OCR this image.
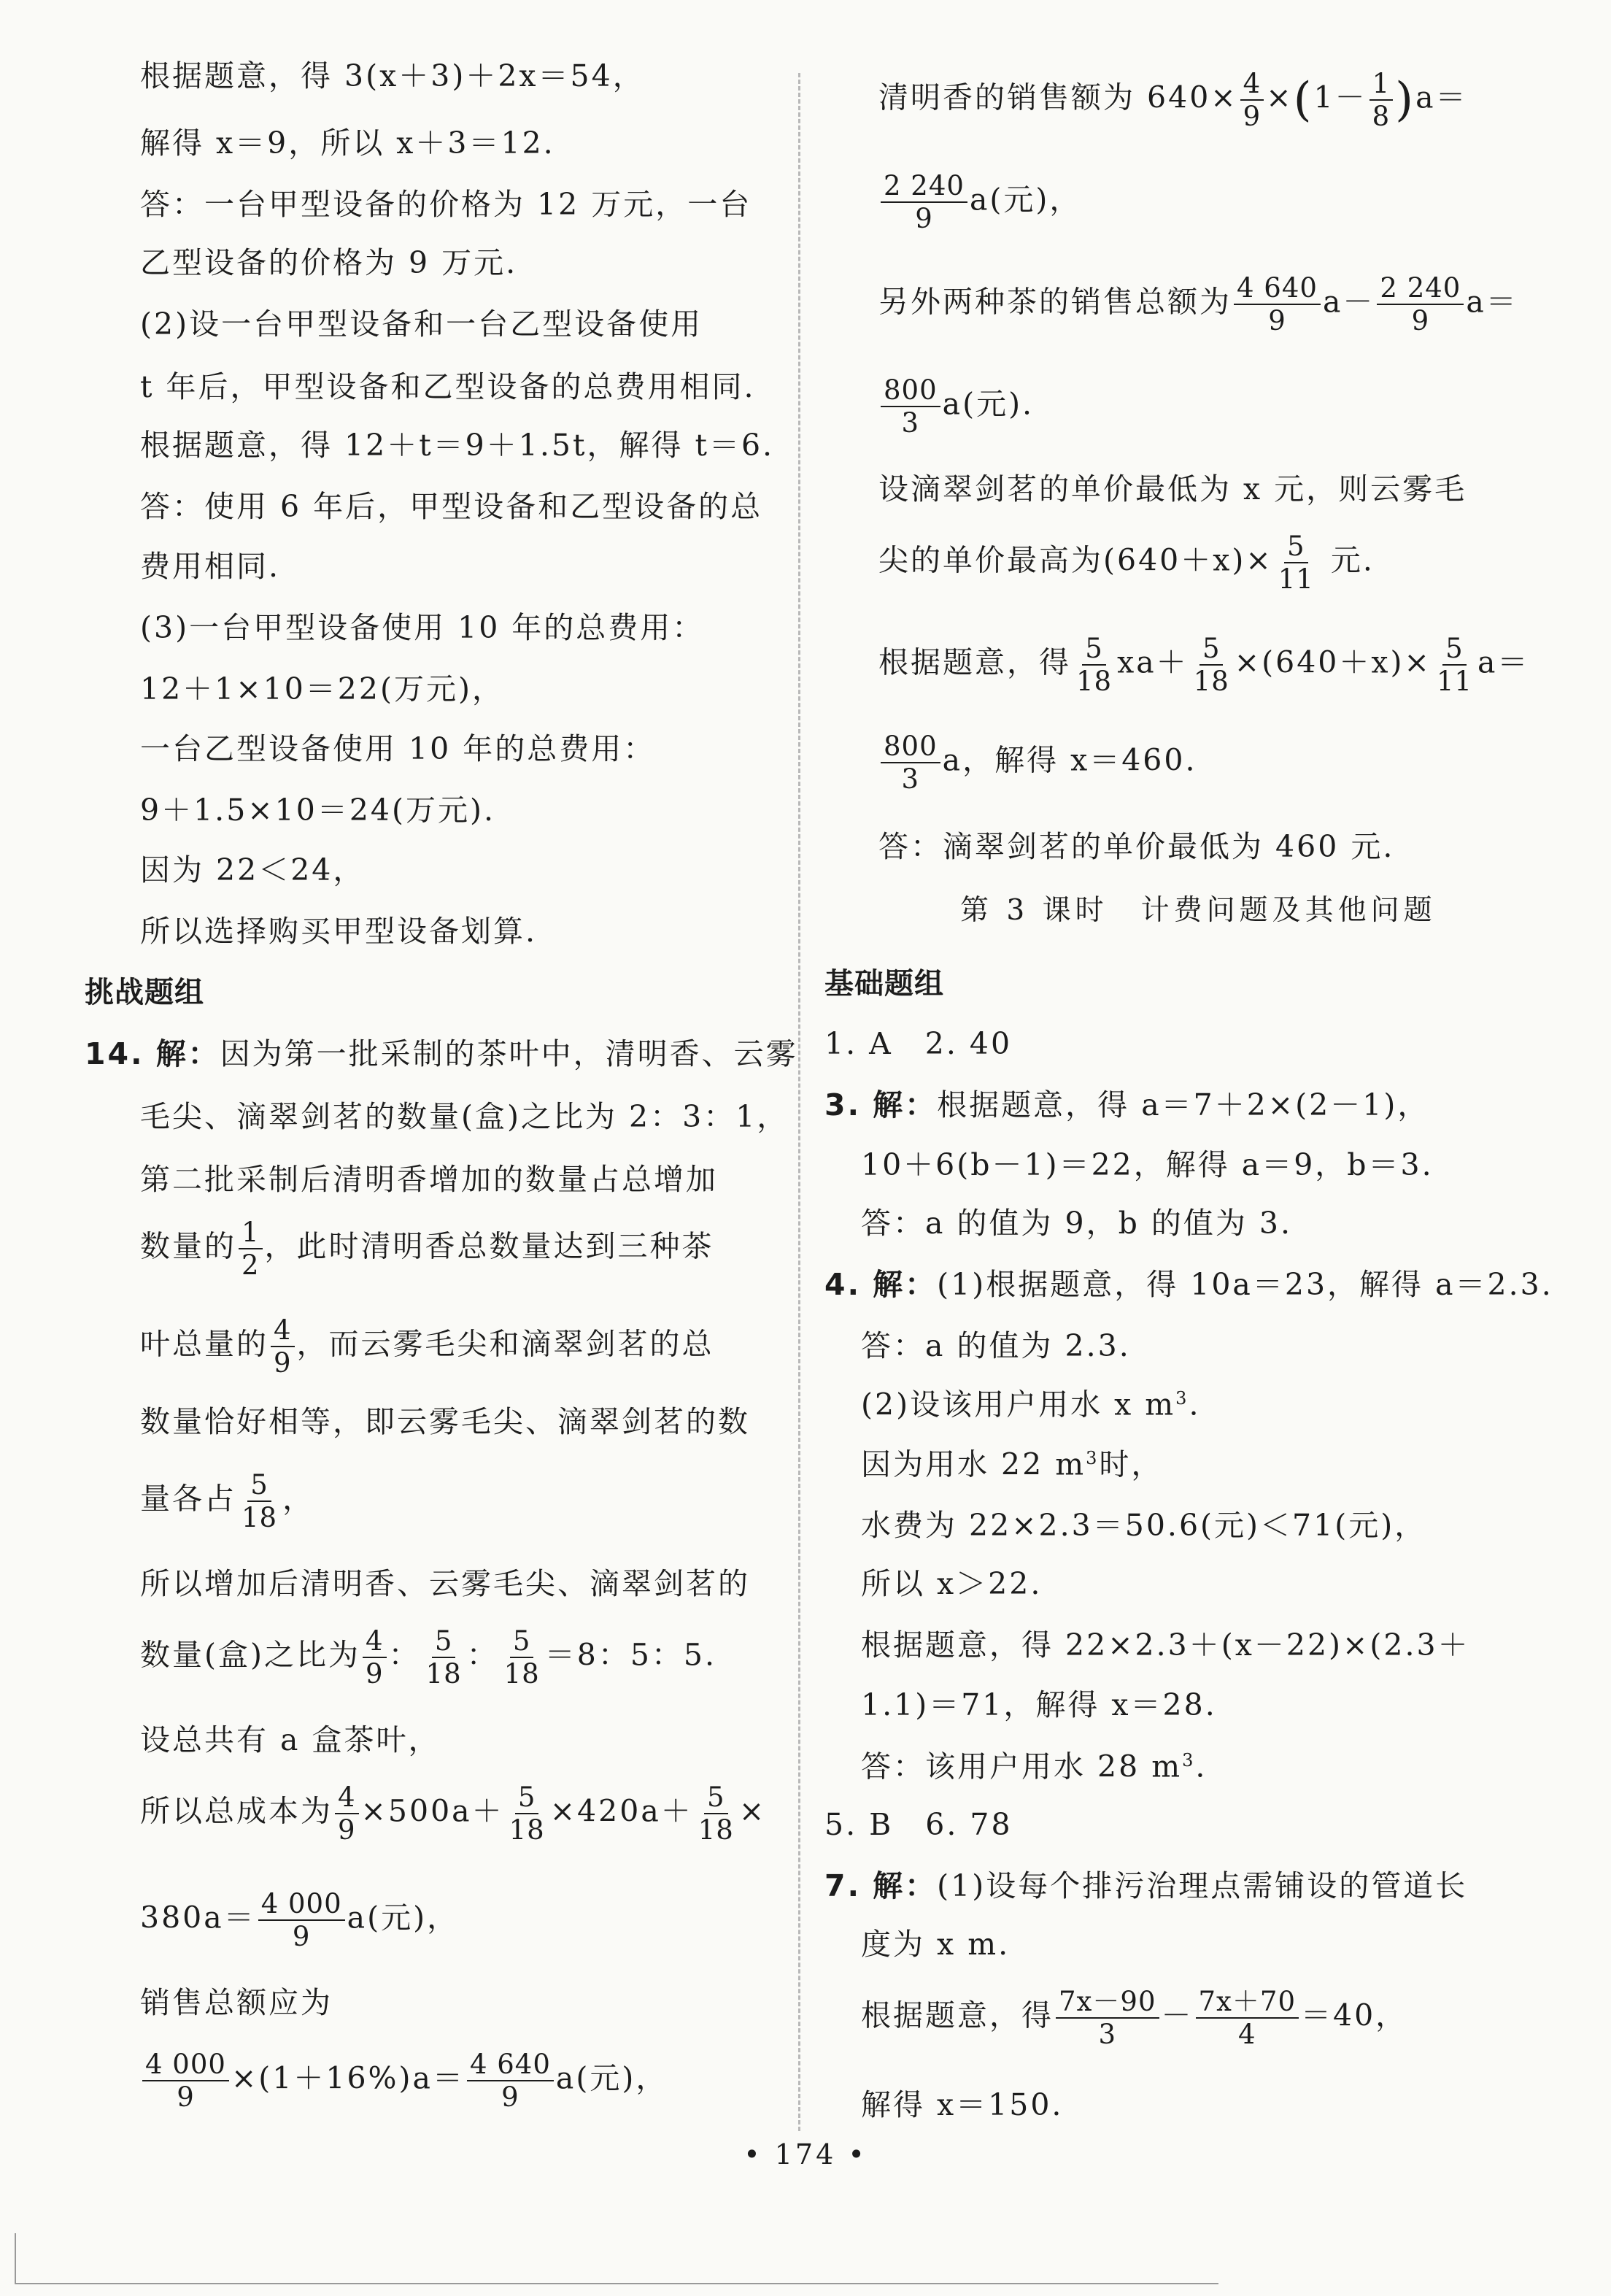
根据题意，得 3(x＋3)＋2x＝54，
解得 x＝9，所以 x＋3＝12.
答：一台甲型设备的价格为 12 万元，一台
乙型设备的价格为 9 万元.
(2)设一台甲型设备和一台乙型设备使用
t 年后，甲型设备和乙型设备的总费用相同.
根据题意，得 12＋t＝9＋1.5t，解得 t＝6.
答：使用 6 年后，甲型设备和乙型设备的总
费用相同.
(3)一台甲型设备使用 10 年的总费用：
12＋1×10＝22(万元)，
一台乙型设备使用 10 年的总费用：
9＋1.5×10＝24(万元).
因为 22＜24，
所以选择购买甲型设备划算.
挑战题组
14. 解：因为第一批采制的茶叶中，清明香、云雾
毛尖、滴翠剑茗的数量(盒)之比为 2：3：1，
第二批采制后清明香增加的数量占总增加
数量的 $\frac{1}{2}$ ，此时清明香总数量达到三种茶
叶总量的 $\frac{4}{9}$ ，而云雾毛尖和滴翠剑茗的总
数量恰好相等，即云雾毛尖、滴翠剑茗的数
量各占 $\frac{5}{18}$ ，
所以增加后清明香、云雾毛尖、滴翠剑茗的
数量(盒)之比为 $\frac{4}{9}$ ： $\frac{5}{18}$ ： $\frac{5}{18} =8$：5：5.
设总共有 a 盒茶叶，
所以总成本为 $\frac{4}{9} \times 500a+ \frac{5}{18} \times 420a+ \frac{5}{18}$ ×
$380a= \frac{4 000}{9} a$(元)，
销售总额应为
$\frac{4 000}{9} \times(1+16\%)a= \frac{4 640}{9} a$(元)，
清明香的销售额为 $640\times \frac{4}{9} \times(1- \frac{1}{8} )a=$
$\frac{2 240}{9} a$(元)，
另外两种茶的销售总额为 $\frac{4 640}{9} a- \frac{2 240}{9} a=$
$\frac{800}{3} a$(元).
设滴翠剑茗的单价最低为 x 元，则云雾毛
尖的单价最高为$(640+x)\times \frac{5}{11}$ 元.
根据题意，得 $\frac{5}{18} xa+ \frac{5}{18} \times(640+x)\times \frac{5}{11} a=$
$\frac{800}{3}$ a，解得 x＝460.
答：滴翠剑茗的单价最低为 460 元.
第 3 课时　计费问题及其他问题
基础题组
1. A　 2. 40
3. 解：根据题意，得 a＝7＋2×(2－1)，
10＋6(b－1)＝22，解得 a＝9，b＝3.
答：a 的值为 9，b 的值为 3.
4. 解：(1)根据题意，得 10a＝23，解得 a＝2.3.
答：a 的值为 2.3.
(2)设该用户用水 x $m^3$.
因为用水 22 $m^3$时，
水费为 22×2.3＝50.6(元)＜71(元)，
所以 x＞22.
根据题意，得 22×2.3＋(x－22)×(2.3＋
1.1)＝71，解得 x＝28.
答：该用户用水 28 $m^3$.
5. B　 6. 78
7. 解：(1)设每个排污治理点需铺设的管道长
度为 x m.
根据题意，得 $\frac{7x-90}{3} - \frac{7x+70}{4} =40$，
解得 x＝150.
• 174 •
